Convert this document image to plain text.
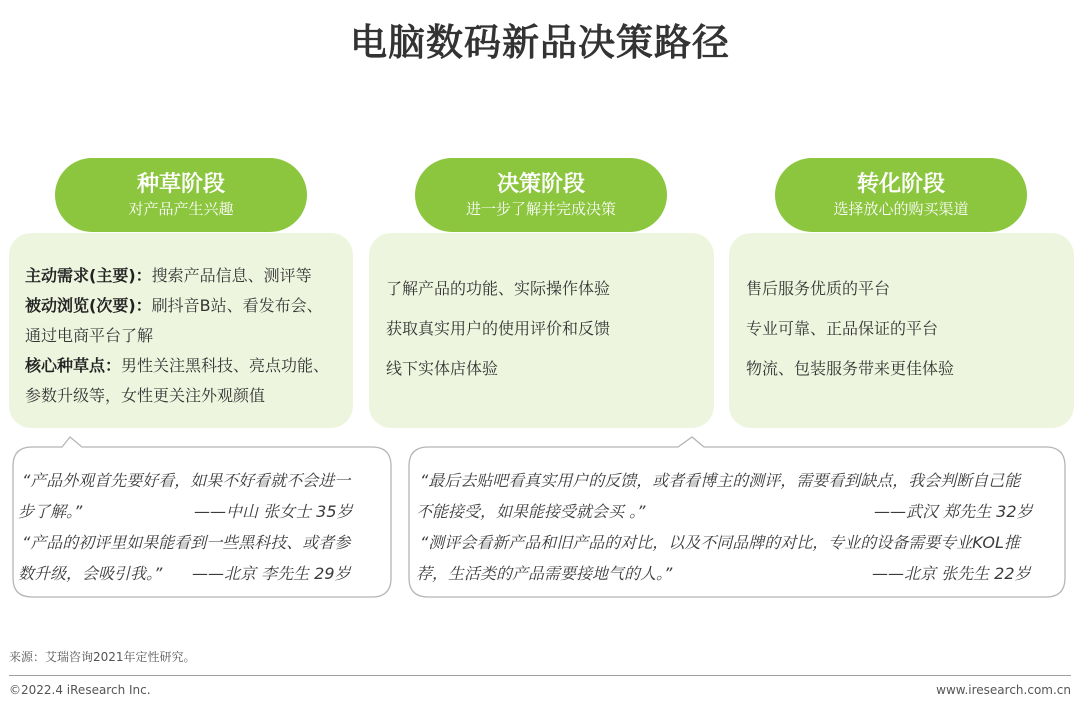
电脑数码新品决策路径
种草阶段
对产品产生兴趣
决策阶段
进一步了解并完成决策
转化阶段
选择放心的购买渠道
主动需求(主要)：搜索产品信息、测评等
被动浏览(次要)：刷抖音B站、看发布会、
通过电商平台了解
核心种草点：男性关注黑科技、亮点功能、
参数升级等，女性更关注外观颜值
了解产品的功能、实际操作体验
获取真实用户的使用评价和反馈
线下实体店体验
售后服务优质的平台
专业可靠、正品保证的平台
物流、包装服务带来更佳体验
“产品外观首先要好看，如果不好看就不会进一
步了解。”	——中山 张女士 35岁
“产品的初评里如果能看到一些黑科技、或者参
数升级，会吸引我。” ——北京 李先生 29岁
“最后去贴吧看真实用户的反馈，或者看博主的测评，需要看到缺点，我会判断自己能
不能接受，如果能接受就会买 。”	——武汉 郑先生 32岁
“测评会看新产品和旧产品的对比，以及不同品牌的对比，专业的设备需要专业KOL推
荐，生活类的产品需要接地气的人。”	——北京 张先生 22岁
来源：艾瑞咨询2021年定性研究。
©2022.4 iResearch Inc.	www.iresearch.com.cn
